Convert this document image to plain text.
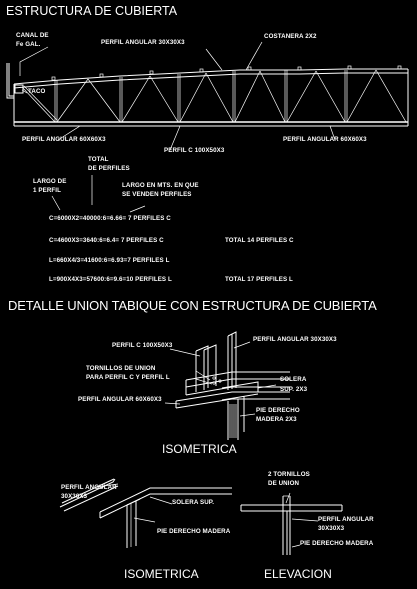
ESTRUCTURA DE CUBIERTA
CANAL DE
Fe GAL.	PERFIL ANGULAR 30X30X3
COSTANERA 2X2
TACO
PERFIL ANGULAR 60X60X3
PERFIL C 100X50X3
PERFIL ANGULAR 60X60X3
TOTAL
DE PERFILES
LARGO DE
1 PERFIL
LARGO EN MTS. EN QUE
SE VENDEN PERFILES
C=6000X2=40000:6=6.66= 7 PERFILES C
C=4600X3=3640:6=6.4= 7 PERFILES C	TOTAL 14 PERFILES C
L=660X4/3=41600:6=6.93=7 PERFILES L
L=900X4X3=57600:6=9.6=10 PERFILES L	TOTAL 17 PERFILES L
DETALLE UNION TABIQUE CON ESTRUCTURA DE CUBIERTA
PERFIL C 100X50X3
PERFIL ANGULAR 30X30X3
TORNILLOS DE UNION
PARA PERFIL C Y PERFIL L	SOLERA
SUP. 2X3
PERFIL ANGULAR 60X60X3
PIE DERECHO
MADERA 2X3
ISOMETRICA
PERFIL ANGULAR
30X30X3
SOLERA SUP.
PIE DERECHO MADERA
2 TORNILLOS
DE UNION
PERFIL ANGULAR
30X30X3
PIE DERECHO MADERA
ISOMETRICA	ELEVACION
